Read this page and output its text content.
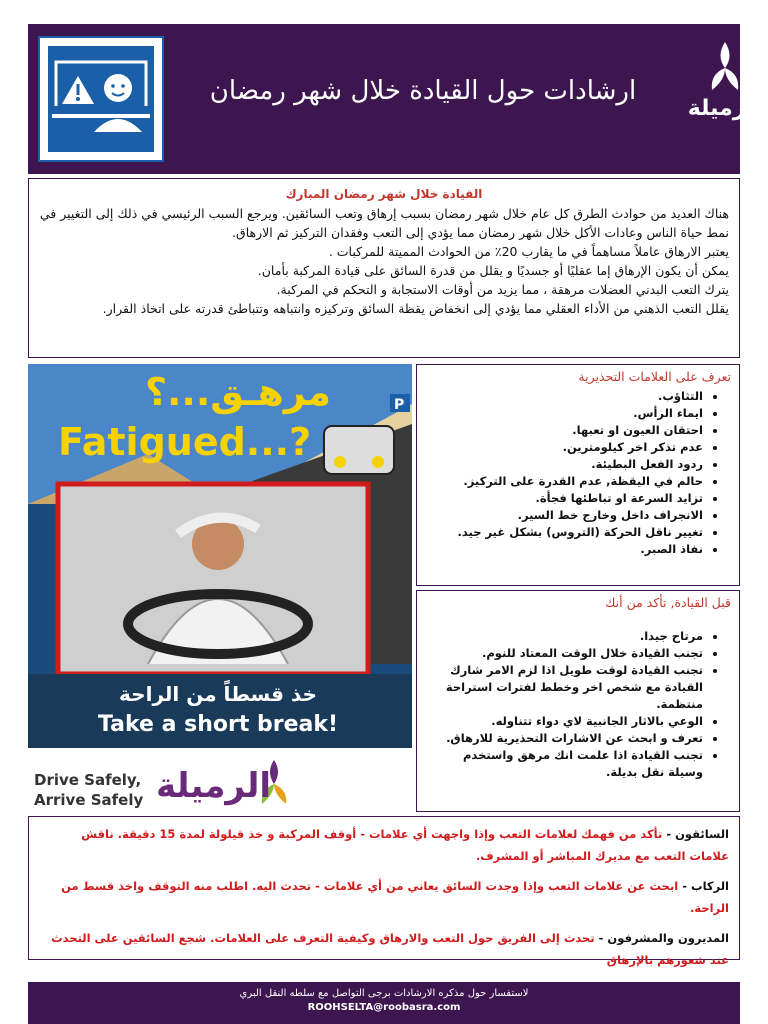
ارشادات حول القيادة خلال شهر رمضان
الرميلة
القيادة خلال شهر رمضان المبارك

هناك العديد من حوادث الطرق كل عام خلال شهر رمضان بسبب إرهاق وتعب السائقين. ويرجع السبب الرئيسي في ذلك إلى التغيير في نمط حياة الناس وعادات الأكل خلال شهر رمضان مما يؤدي إلى التعب وفقدان التركيز ثم الارهاق.

يعتبر الارهاق عاملاً مساهماً في ما يقارب 20٪ من الحوادث المميتة للمركبات .

يمكن أن يكون الإرهاق إما عقليًا أو جسديًا و يقلل من قدرة السائق على قيادة المركبة بأمان.

يترك التعب البدني العضلات مرهقة ، مما يزيد من أوقات الاستجابة و التحكم في المركبة.

يقلل التعب الذهني من الأداء العقلي مما يؤدي إلى انخفاض يقظة السائق وتركيزه وانتباهه وتتباطئ قدرته على اتخاذ القرار.

P
مرهـق...؟
Fatigued...?
خذ قسطاً من الراحة
Take a short break!
Drive Safely,
Arrive Safely الرميلة
تعرف على العلامات التحذيرية
• التثاؤب.
• ايماء الرأس.
• احتقان العيون او تعبها.
• عدم تذكر اخر كيلومترين.
• ردود الفعل البطيئة.
• حالم في اليقظة, عدم القدرة على التركيز.
• تزايد السرعة او تباطئها فجأة.
• الانجراف داخل وخارج خط السير.
• تغيير ناقل الحركة (التروس) بشكل غير جيد.
• نفاذ الصبر.
قبل القيادة, تأكد من أنك
• مرتاح جيدا.
• تجنب القيادة خلال الوقت المعتاد للنوم.
• تجنب القيادة لوقت طويل اذا لزم الامر شارك القيادة مع شخص اخر وخطط لفترات استراحة منتظمة.
• الوعي بالاثار الجانبية لاي دواء تتناوله.
• تعرف و ابحث عن الاشارات التحذيرية للارهاق.
• تجنب القيادة اذا علمت انك مرهق واستخدم وسيلة نقل بديلة.

السائقون - تأكد من فهمك لعلامات التعب وإذا واجهت أي علامات - أوقف المركبة و خذ قيلولة لمدة 15 دقيقة. ناقش علامات التعب مع مديرك المباشر أو المشرف.

الركاب - ابحث عن علامات التعب وإذا وجدت السائق يعاني من أي علامات - تحدث اليه. اطلب منه التوقف واخذ قسط من الراحة.

المديرون والمشرفون - تحدث إلى الفريق حول التعب والارهاق وكيفية التعرف على العلامات. شجع السائقين على التحدث عند شعورهم بالإرهاق

لاستفسار حول مذكره الارشادات برجى التواصل مع سلطه النقل البري
ROOHSELTA@roobasra.com
